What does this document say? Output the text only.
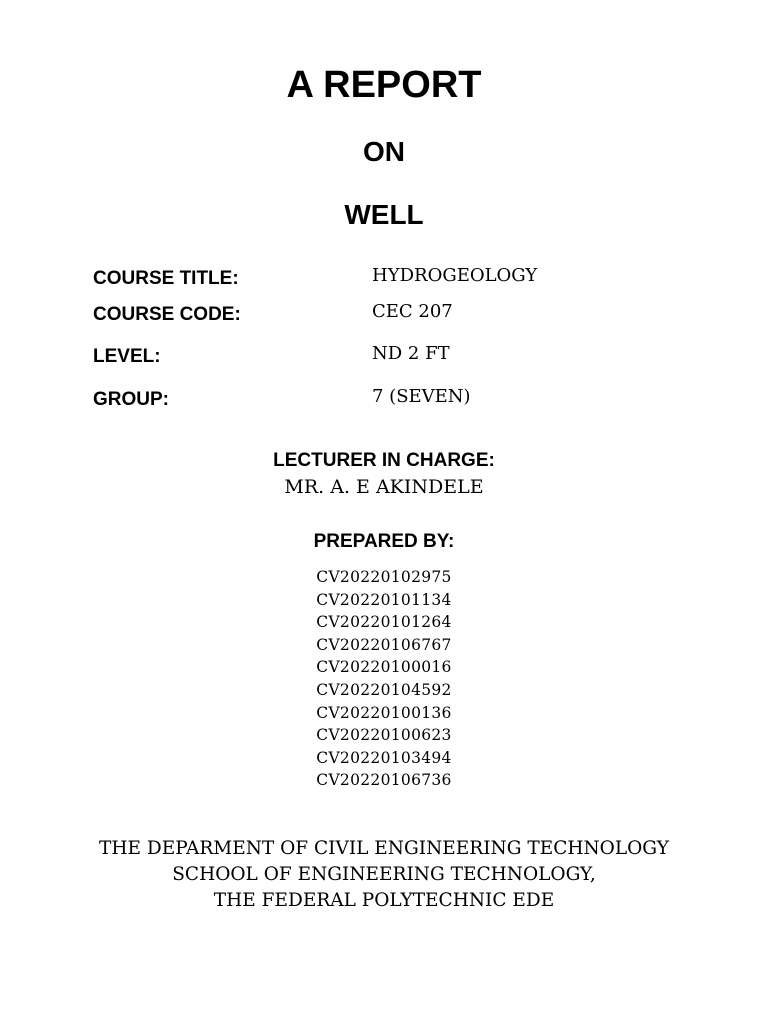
A REPORT
ON
WELL
COURSE TITLE:	HYDROGEOLOGY
COURSE CODE:	CEC 207
LEVEL:	ND 2 FT
GROUP:	7 (SEVEN)
LECTURER IN CHARGE:
MR. A. E AKINDELE
PREPARED BY:
CV20220102975
CV20220101134
CV20220101264
CV20220106767
CV20220100016
CV20220104592
CV20220100136
CV20220100623
CV20220103494
CV20220106736
THE DEPARMENT OF CIVIL ENGINEERING TECHNOLOGY
SCHOOL OF ENGINEERING TECHNOLOGY,
THE FEDERAL POLYTECHNIC EDE
